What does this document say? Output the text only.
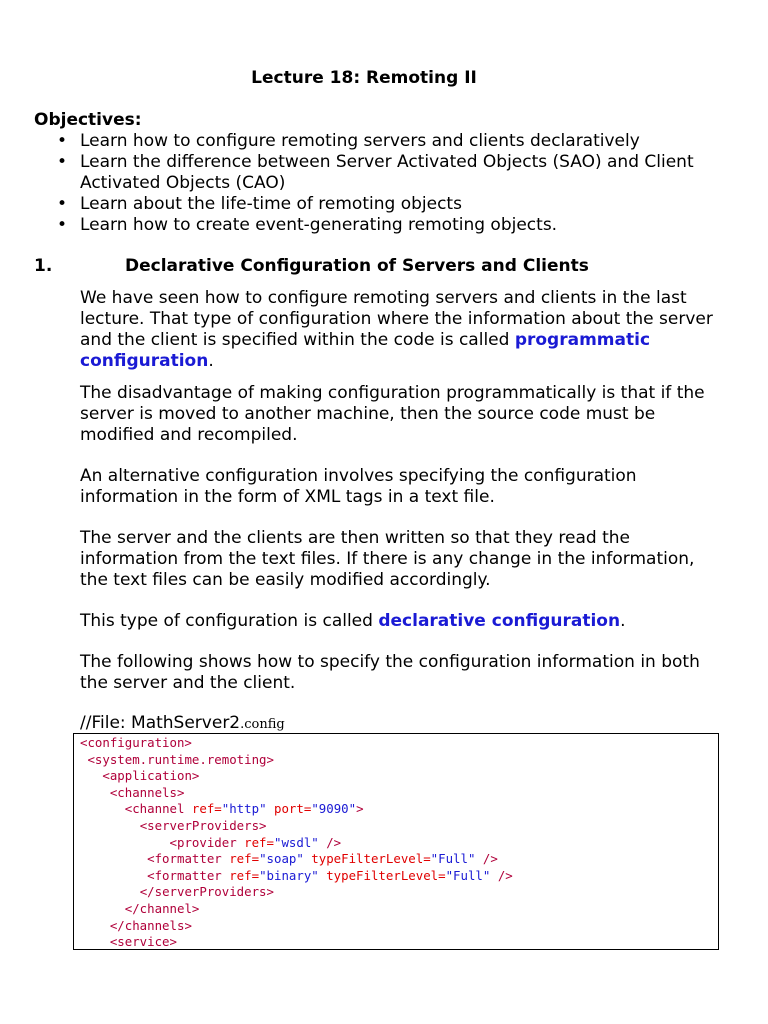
Lecture 18: Remoting II
Objectives:
• Learn how to configure remoting servers and clients declaratively
• Learn the difference between Server Activated Objects (SAO) and Client Activated Objects (CAO)
• Learn about the life-time of remoting objects
• Learn how to create event-generating remoting objects.
1.	Declarative Configuration of Servers and Clients

We have seen how to configure remoting servers and clients in the last lecture. That type of configuration where the information about the server and the client is specified within the code is called programmatic configuration.

The disadvantage of making configuration programmatically is that if the server is moved to another machine, then the source code must be modified and recompiled.

An alternative configuration involves specifying the configuration information in the form of XML tags in a text file.

The server and the clients are then written so that they read the information from the text files. If there is any change in the information, the text files can be easily modified accordingly.

This type of configuration is called declarative configuration.

The following shows how to specify the configuration information in both the server and the client.

//File: MathServer2.config

<configuration>
<system.runtime.remoting>
<application>
<channels>
<channel ref="http" port="9090">
<serverProviders>
<provider ref="wsdl" />
<formatter ref="soap" typeFilterLevel="Full" />
<formatter ref="binary" typeFilterLevel="Full" />
</serverProviders>
</channel>
</channels>
<service>
